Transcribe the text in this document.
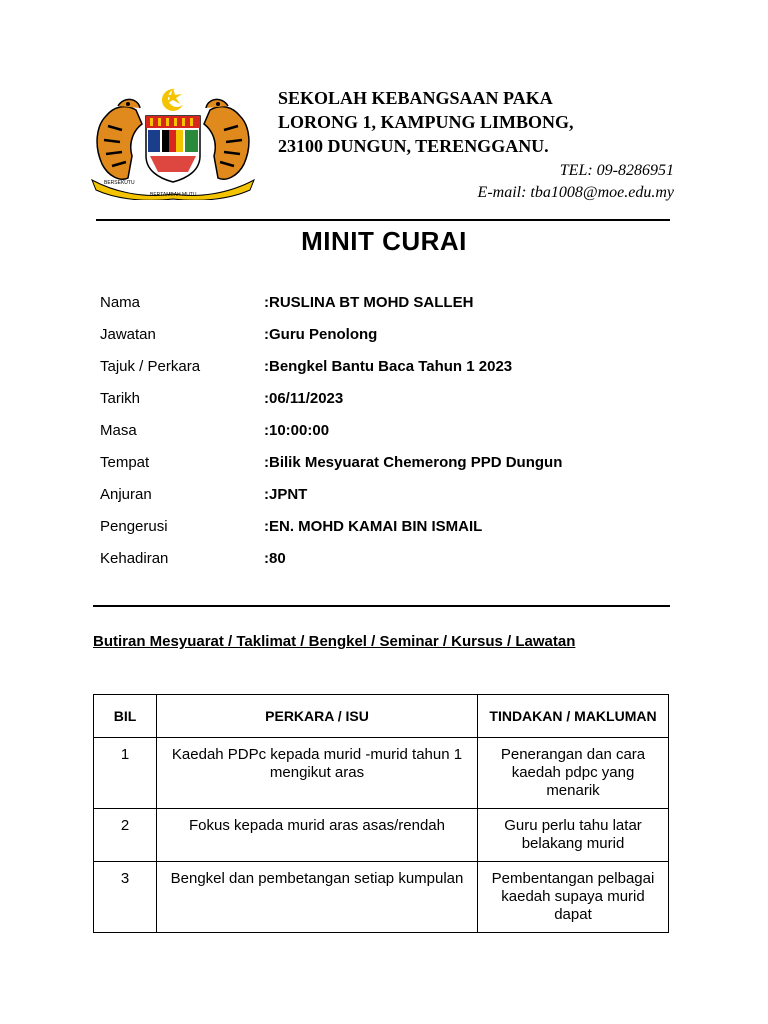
BERSEKUTU
BERTAMBAH MUTU
SEKOLAH KEBANGSAAN PAKA
LORONG 1, KAMPUNG LIMBONG,
23100 DUNGUN, TERENGGANU.
TEL: 09-8286951
E-mail: tba1008@moe.edu.my
MINIT CURAI
Nama	:RUSLINA BT MOHD SALLEH
Jawatan	:Guru Penolong
Tajuk / Perkara	:Bengkel Bantu Baca Tahun 1 2023
Tarikh	:06/11/2023
Masa	:10:00:00
Tempat	:Bilik Mesyuarat Chemerong PPD Dungun
Anjuran	:JPNT
Pengerusi	:EN. MOHD KAMAI BIN ISMAIL
Kehadiran	:80
Butiran Mesyuarat / Taklimat / Bengkel / Seminar / Kursus / Lawatan
BIL	PERKARA / ISU	TINDAKAN / MAKLUMAN
1	Kaedah PDPc kepada murid -murid tahun 1 mengikut aras	Penerangan dan cara kaedah pdpc yang menarik
2	Fokus kepada murid aras asas/rendah	Guru perlu tahu latar belakang murid
3	Bengkel dan pembetangan setiap kumpulan	Pembentangan pelbagai kaedah supaya murid dapat
